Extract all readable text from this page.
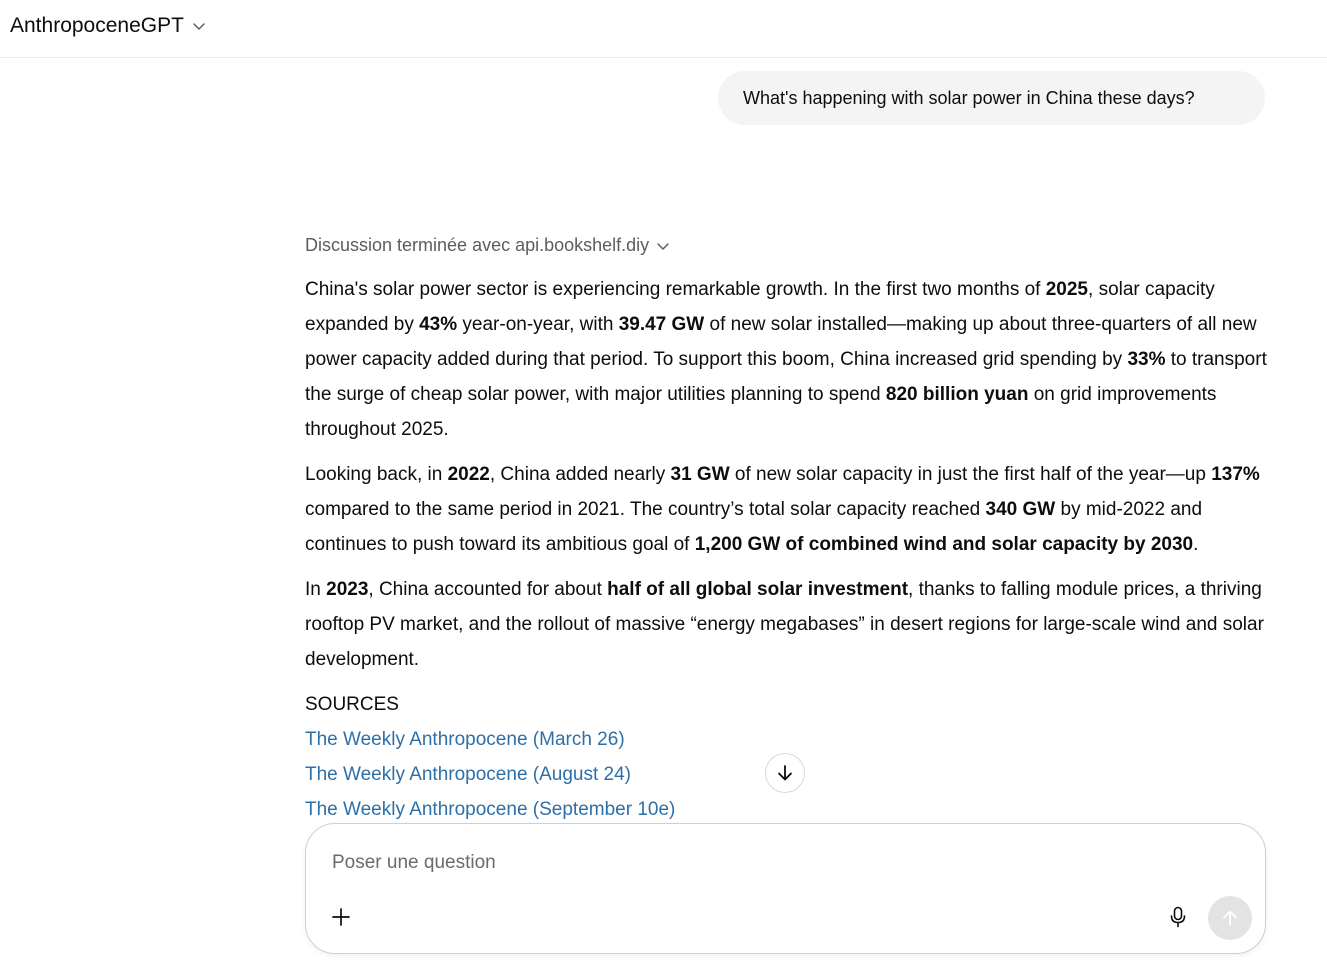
AnthropoceneGPT
What's happening with solar power in China these days?
Discussion terminée avec api.bookshelf.diy

China's solar power sector is experiencing remarkable growth. In the first two months of 2025, solar capacity expanded by 43% year-on-year, with 39.47 GW of new solar installed—making up about three-quarters of all new power capacity added during that period. To support this boom, China increased grid spending by 33% to transport the surge of cheap solar power, with major utilities planning to spend 820 billion yuan on grid improvements throughout 2025.

Looking back, in 2022, China added nearly 31 GW of new solar capacity in just the first half of the year—up 137% compared to the same period in 2021. The country’s total solar capacity reached 340 GW by mid-2022 and continues to push toward its ambitious goal of 1,200 GW of combined wind and solar capacity by 2030.

In 2023, China accounted for about half of all global solar investment, thanks to falling module prices, a thriving rooftop PV market, and the rollout of massive “energy megabases” in desert regions for large-scale wind and solar development.

SOURCES
The Weekly Anthropocene (March 26)
The Weekly Anthropocene (August 24)
The Weekly Anthropocene (September 10e)
Poser une question
